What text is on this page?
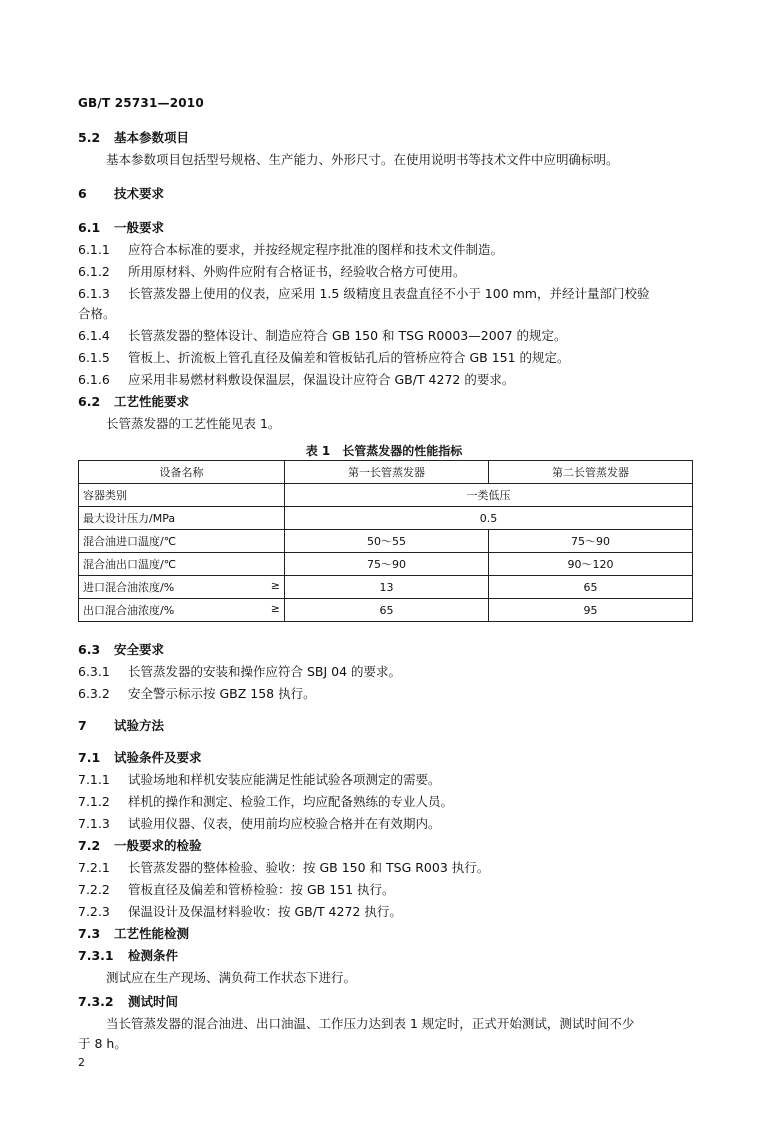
GB/T 25731—2010
5.2 基本参数项目
基本参数项目包括型号规格、生产能力、外形尺寸。在使用说明书等技术文件中应明确标明。
6 技术要求
6.1 一般要求
6.1.1 应符合本标准的要求，并按经规定程序批准的图样和技术文件制造。
6.1.2 所用原材料、外购件应附有合格证书，经验收合格方可使用。
6.1.3 长管蒸发器上使用的仪表，应采用 1.5 级精度且表盘直径不小于 100 mm，并经计量部门校验
合格。
6.1.4 长管蒸发器的整体设计、制造应符合 GB 150 和 TSG R0003—2007 的规定。
6.1.5 管板上、折流板上管孔直径及偏差和管板钻孔后的管桥应符合 GB 151 的规定。
6.1.6 应采用非易燃材料敷设保温层，保温设计应符合 GB/T 4272 的要求。
6.2 工艺性能要求
长管蒸发器的工艺性能见表 1。
表 1　长管蒸发器的性能指标
设备名称	第一长管蒸发器	第二长管蒸发器
容器类别	一类低压	
最大设计压力/MPa	0.5	
混合油进口温度/℃	50～55	75～90
混合油出口温度/℃	75～90	90～120
进口混合油浓度/% ≥	13	65
出口混合油浓度/% ≥	65	95
6.3 安全要求
6.3.1 长管蒸发器的安装和操作应符合 SBJ 04 的要求。
6.3.2 安全警示标示按 GBZ 158 执行。
7 试验方法
7.1 试验条件及要求
7.1.1 试验场地和样机安装应能满足性能试验各项测定的需要。
7.1.2 样机的操作和测定、检验工作，均应配备熟练的专业人员。
7.1.3 试验用仪器、仪表，使用前均应校验合格并在有效期内。
7.2 一般要求的检验
7.2.1 长管蒸发器的整体检验、验收：按 GB 150 和 TSG R003 执行。
7.2.2 管板直径及偏差和管桥检验：按 GB 151 执行。
7.2.3 保温设计及保温材料验收：按 GB/T 4272 执行。
7.3 工艺性能检测
7.3.1 检测条件
测试应在生产现场、满负荷工作状态下进行。
7.3.2 测试时间
当长管蒸发器的混合油进、出口油温、工作压力达到表 1 规定时，正式开始测试，测试时间不少
于 8 h。
2
